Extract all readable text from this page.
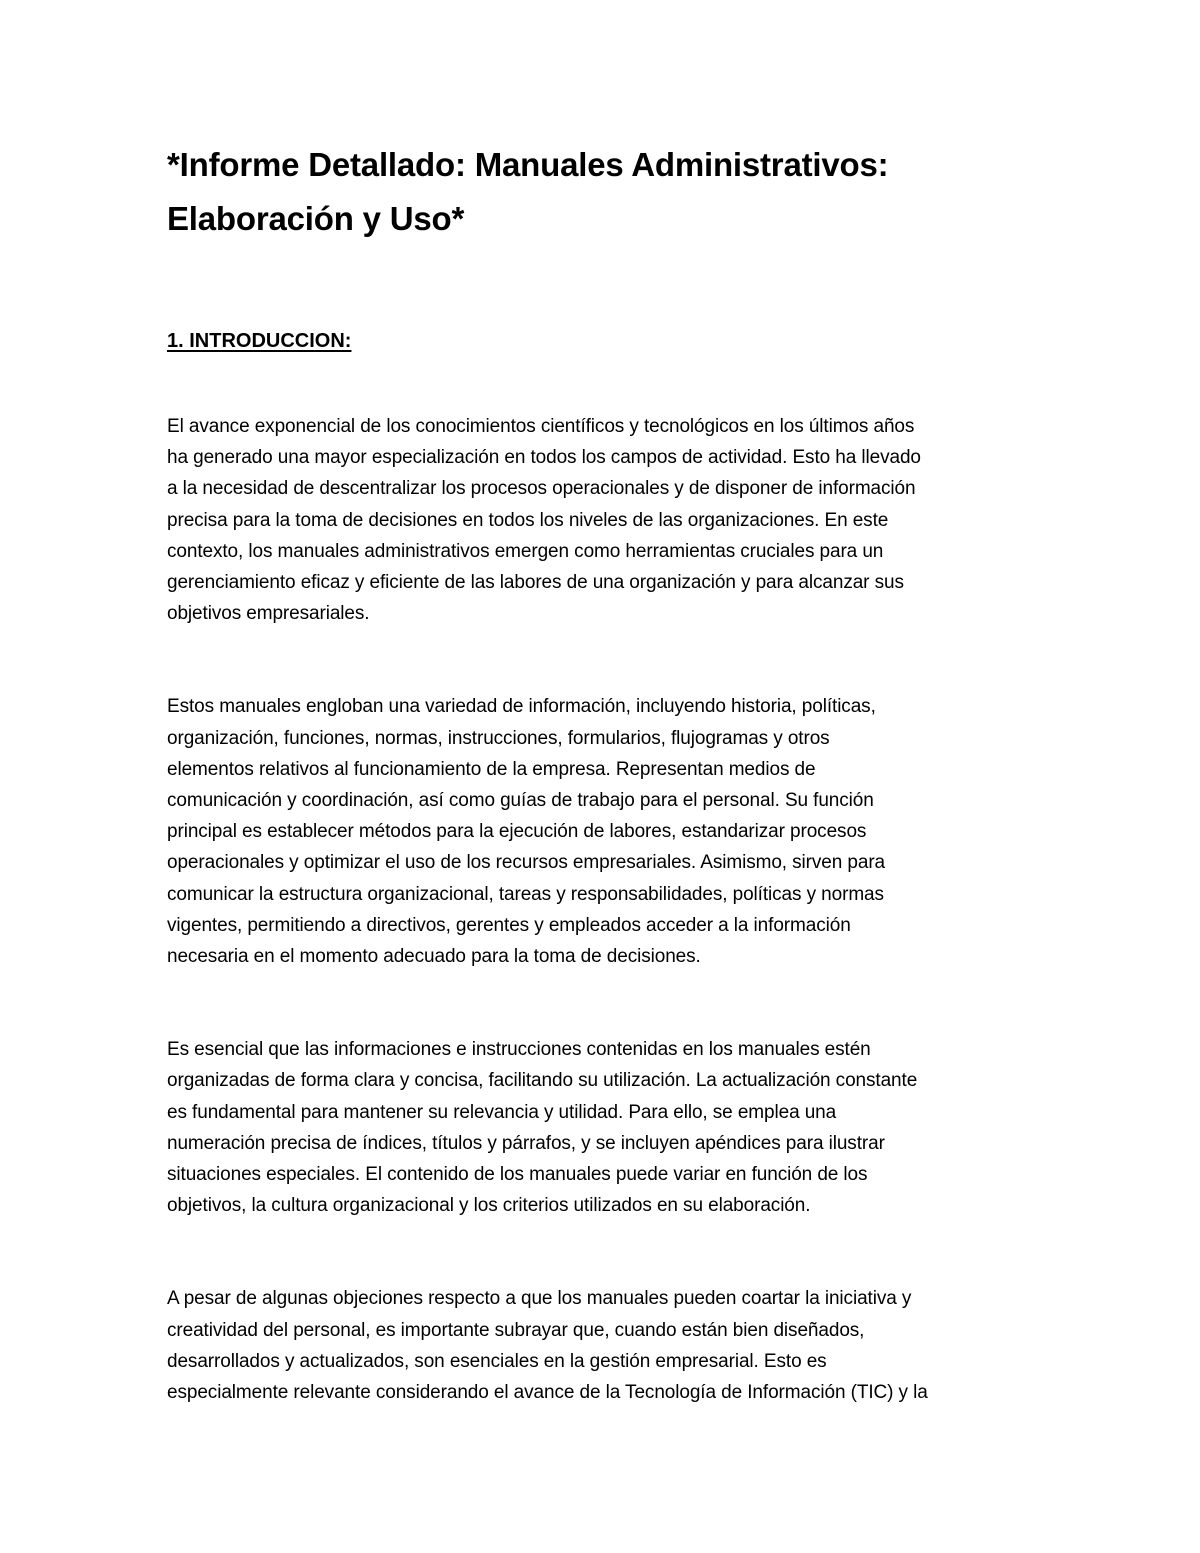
*Informe Detallado: Manuales Administrativos:
Elaboración y Uso*
1. INTRODUCCION:

El avance exponencial de los conocimientos científicos y tecnológicos en los últimos años
ha generado una mayor especialización en todos los campos de actividad. Esto ha llevado
a la necesidad de descentralizar los procesos operacionales y de disponer de información
precisa para la toma de decisiones en todos los niveles de las organizaciones. En este
contexto, los manuales administrativos emergen como herramientas cruciales para un
gerenciamiento eficaz y eficiente de las labores de una organización y para alcanzar sus
objetivos empresariales.

Estos manuales engloban una variedad de información, incluyendo historia, políticas,
organización, funciones, normas, instrucciones, formularios, flujogramas y otros
elementos relativos al funcionamiento de la empresa. Representan medios de
comunicación y coordinación, así como guías de trabajo para el personal. Su función
principal es establecer métodos para la ejecución de labores, estandarizar procesos
operacionales y optimizar el uso de los recursos empresariales. Asimismo, sirven para
comunicar la estructura organizacional, tareas y responsabilidades, políticas y normas
vigentes, permitiendo a directivos, gerentes y empleados acceder a la información
necesaria en el momento adecuado para la toma de decisiones.

Es esencial que las informaciones e instrucciones contenidas en los manuales estén
organizadas de forma clara y concisa, facilitando su utilización. La actualización constante
es fundamental para mantener su relevancia y utilidad. Para ello, se emplea una
numeración precisa de índices, títulos y párrafos, y se incluyen apéndices para ilustrar
situaciones especiales. El contenido de los manuales puede variar en función de los
objetivos, la cultura organizacional y los criterios utilizados en su elaboración.

A pesar de algunas objeciones respecto a que los manuales pueden coartar la iniciativa y
creatividad del personal, es importante subrayar que, cuando están bien diseñados,
desarrollados y actualizados, son esenciales en la gestión empresarial. Esto es
especialmente relevante considerando el avance de la Tecnología de Información (TIC) y la
